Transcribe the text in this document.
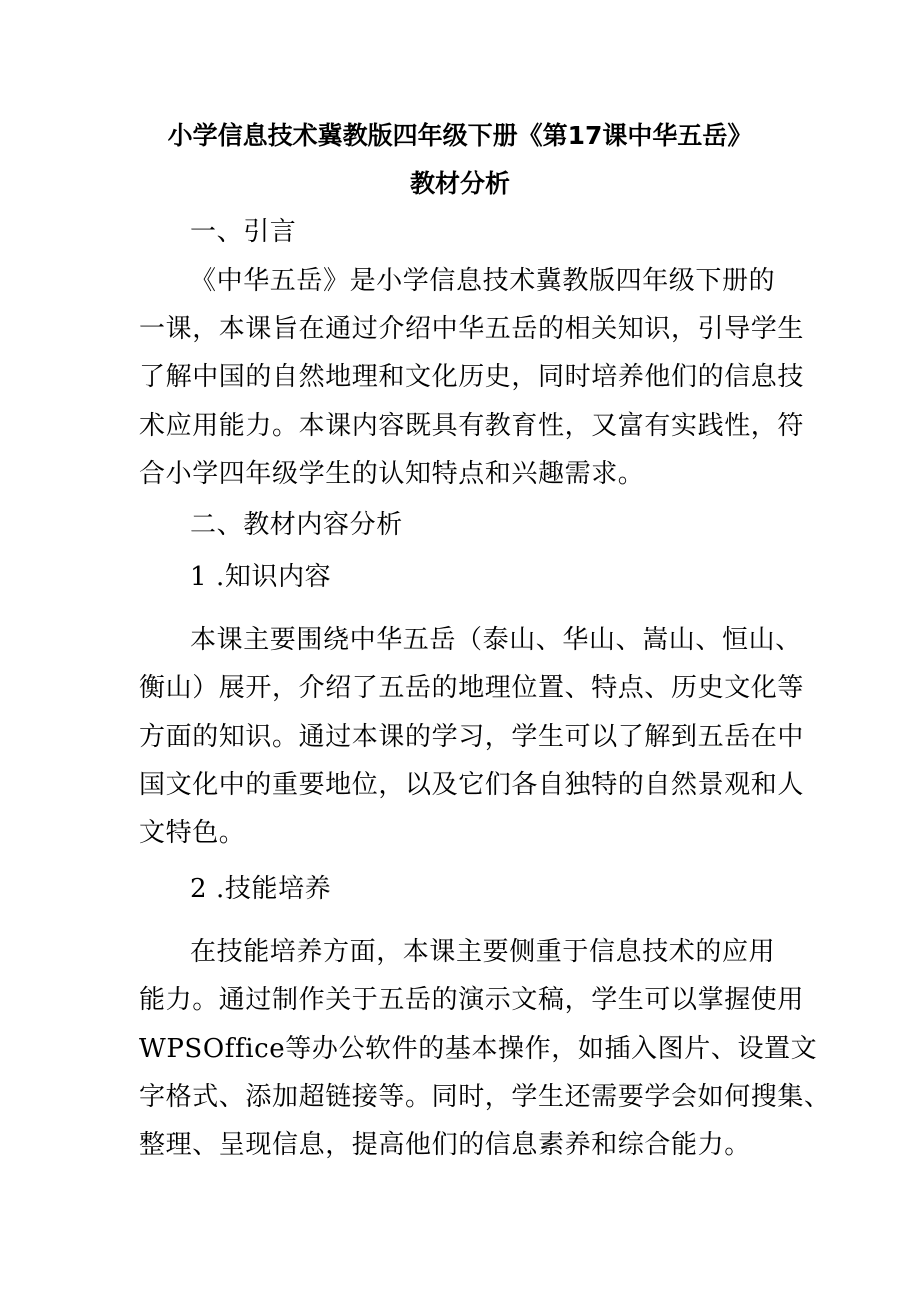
小学信息技术冀教版四年级下册《第17课中华五岳》
教材分析
一、引言
《中华五岳》是小学信息技术冀教版四年级下册的
一课，本课旨在通过介绍中华五岳的相关知识，引导学生
了解中国的自然地理和文化历史，同时培养他们的信息技
术应用能力。本课内容既具有教育性，又富有实践性，符
合小学四年级学生的认知特点和兴趣需求。
二、教材内容分析
1 .知识内容
本课主要围绕中华五岳（泰山、华山、嵩山、恒山、
衡山）展开，介绍了五岳的地理位置、特点、历史文化等
方面的知识。通过本课的学习，学生可以了解到五岳在中
国文化中的重要地位，以及它们各自独特的自然景观和人
文特色。
2 .技能培养
在技能培养方面，本课主要侧重于信息技术的应用
能力。通过制作关于五岳的演示文稿，学生可以掌握使用
WPSOffice等办公软件的基本操作，如插入图片、设置文
字格式、添加超链接等。同时，学生还需要学会如何搜集、
整理、呈现信息，提高他们的信息素养和综合能力。
